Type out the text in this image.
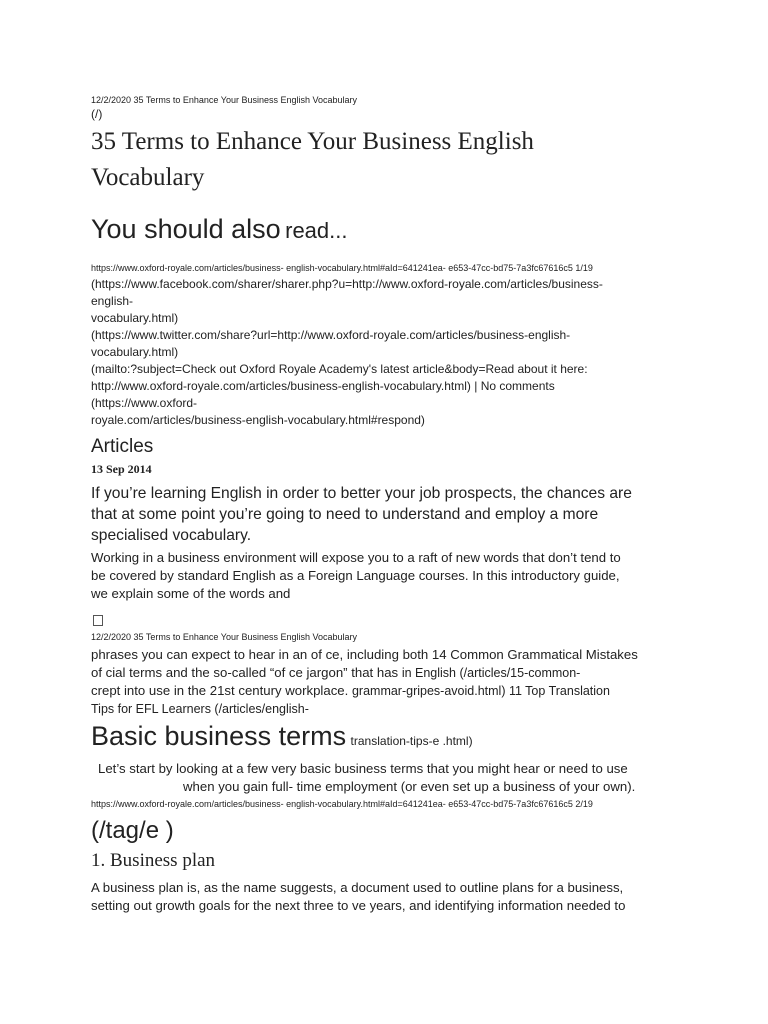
12/2/2020 35 Terms to Enhance Your Business English Vocabulary
(/)
35 Terms to Enhance Your Business English Vocabulary
You should also read...
https://www.oxford-royale.com/articles/business- english-vocabulary.html#aId=641241ea- e653-47cc-bd75-7a3fc67616c5 1/19
(https://www.facebook.com/sharer/sharer.php?u=http://www.oxford-royale.com/articles/business-
english-
vocabulary.html)
(https://www.twitter.com/share?url=http://www.oxford-royale.com/articles/business-english-
vocabulary.html)
(mailto:?subject=Check out Oxford Royale Academy's latest article&body=Read about it here:
http://www.oxford-royale.com/articles/business-english-vocabulary.html) | No comments
(https://www.oxford-
royale.com/articles/business-english-vocabulary.html#respond)
Articles
13 Sep 2014
If you’re learning English in order to better your job prospects, the chances are
that at some point you’re going to need to understand and employ a more
specialised vocabulary.
Working in a business environment will expose you to a raft of new words that don’t tend to
be covered by standard English as a Foreign Language courses. In this introductory guide,
we explain some of the words and
12/2/2020 35 Terms to Enhance Your Business English Vocabulary
phrases you can expect to hear in an of ce, including both 14 Common Grammatical Mistakes
of cial terms and the so-called “of ce jargon” that has in English (/articles/15-common-
crept into use in the 21st century workplace. grammar-gripes-avoid.html) 11 Top Translation
Tips for EFL Learners (/articles/english-
Basic business terms translation-tips-e .html)
Let’s start by looking at a few very basic business terms that you might hear or need to use
when you gain full- time employment (or even set up a business of your own).
https://www.oxford-royale.com/articles/business- english-vocabulary.html#aId=641241ea- e653-47cc-bd75-7a3fc67616c5 2/19
(/tag/e )
1. Business plan
A business plan is, as the name suggests, a document used to outline plans for a business,
setting out growth goals for the next three to ve years, and identifying information needed to
